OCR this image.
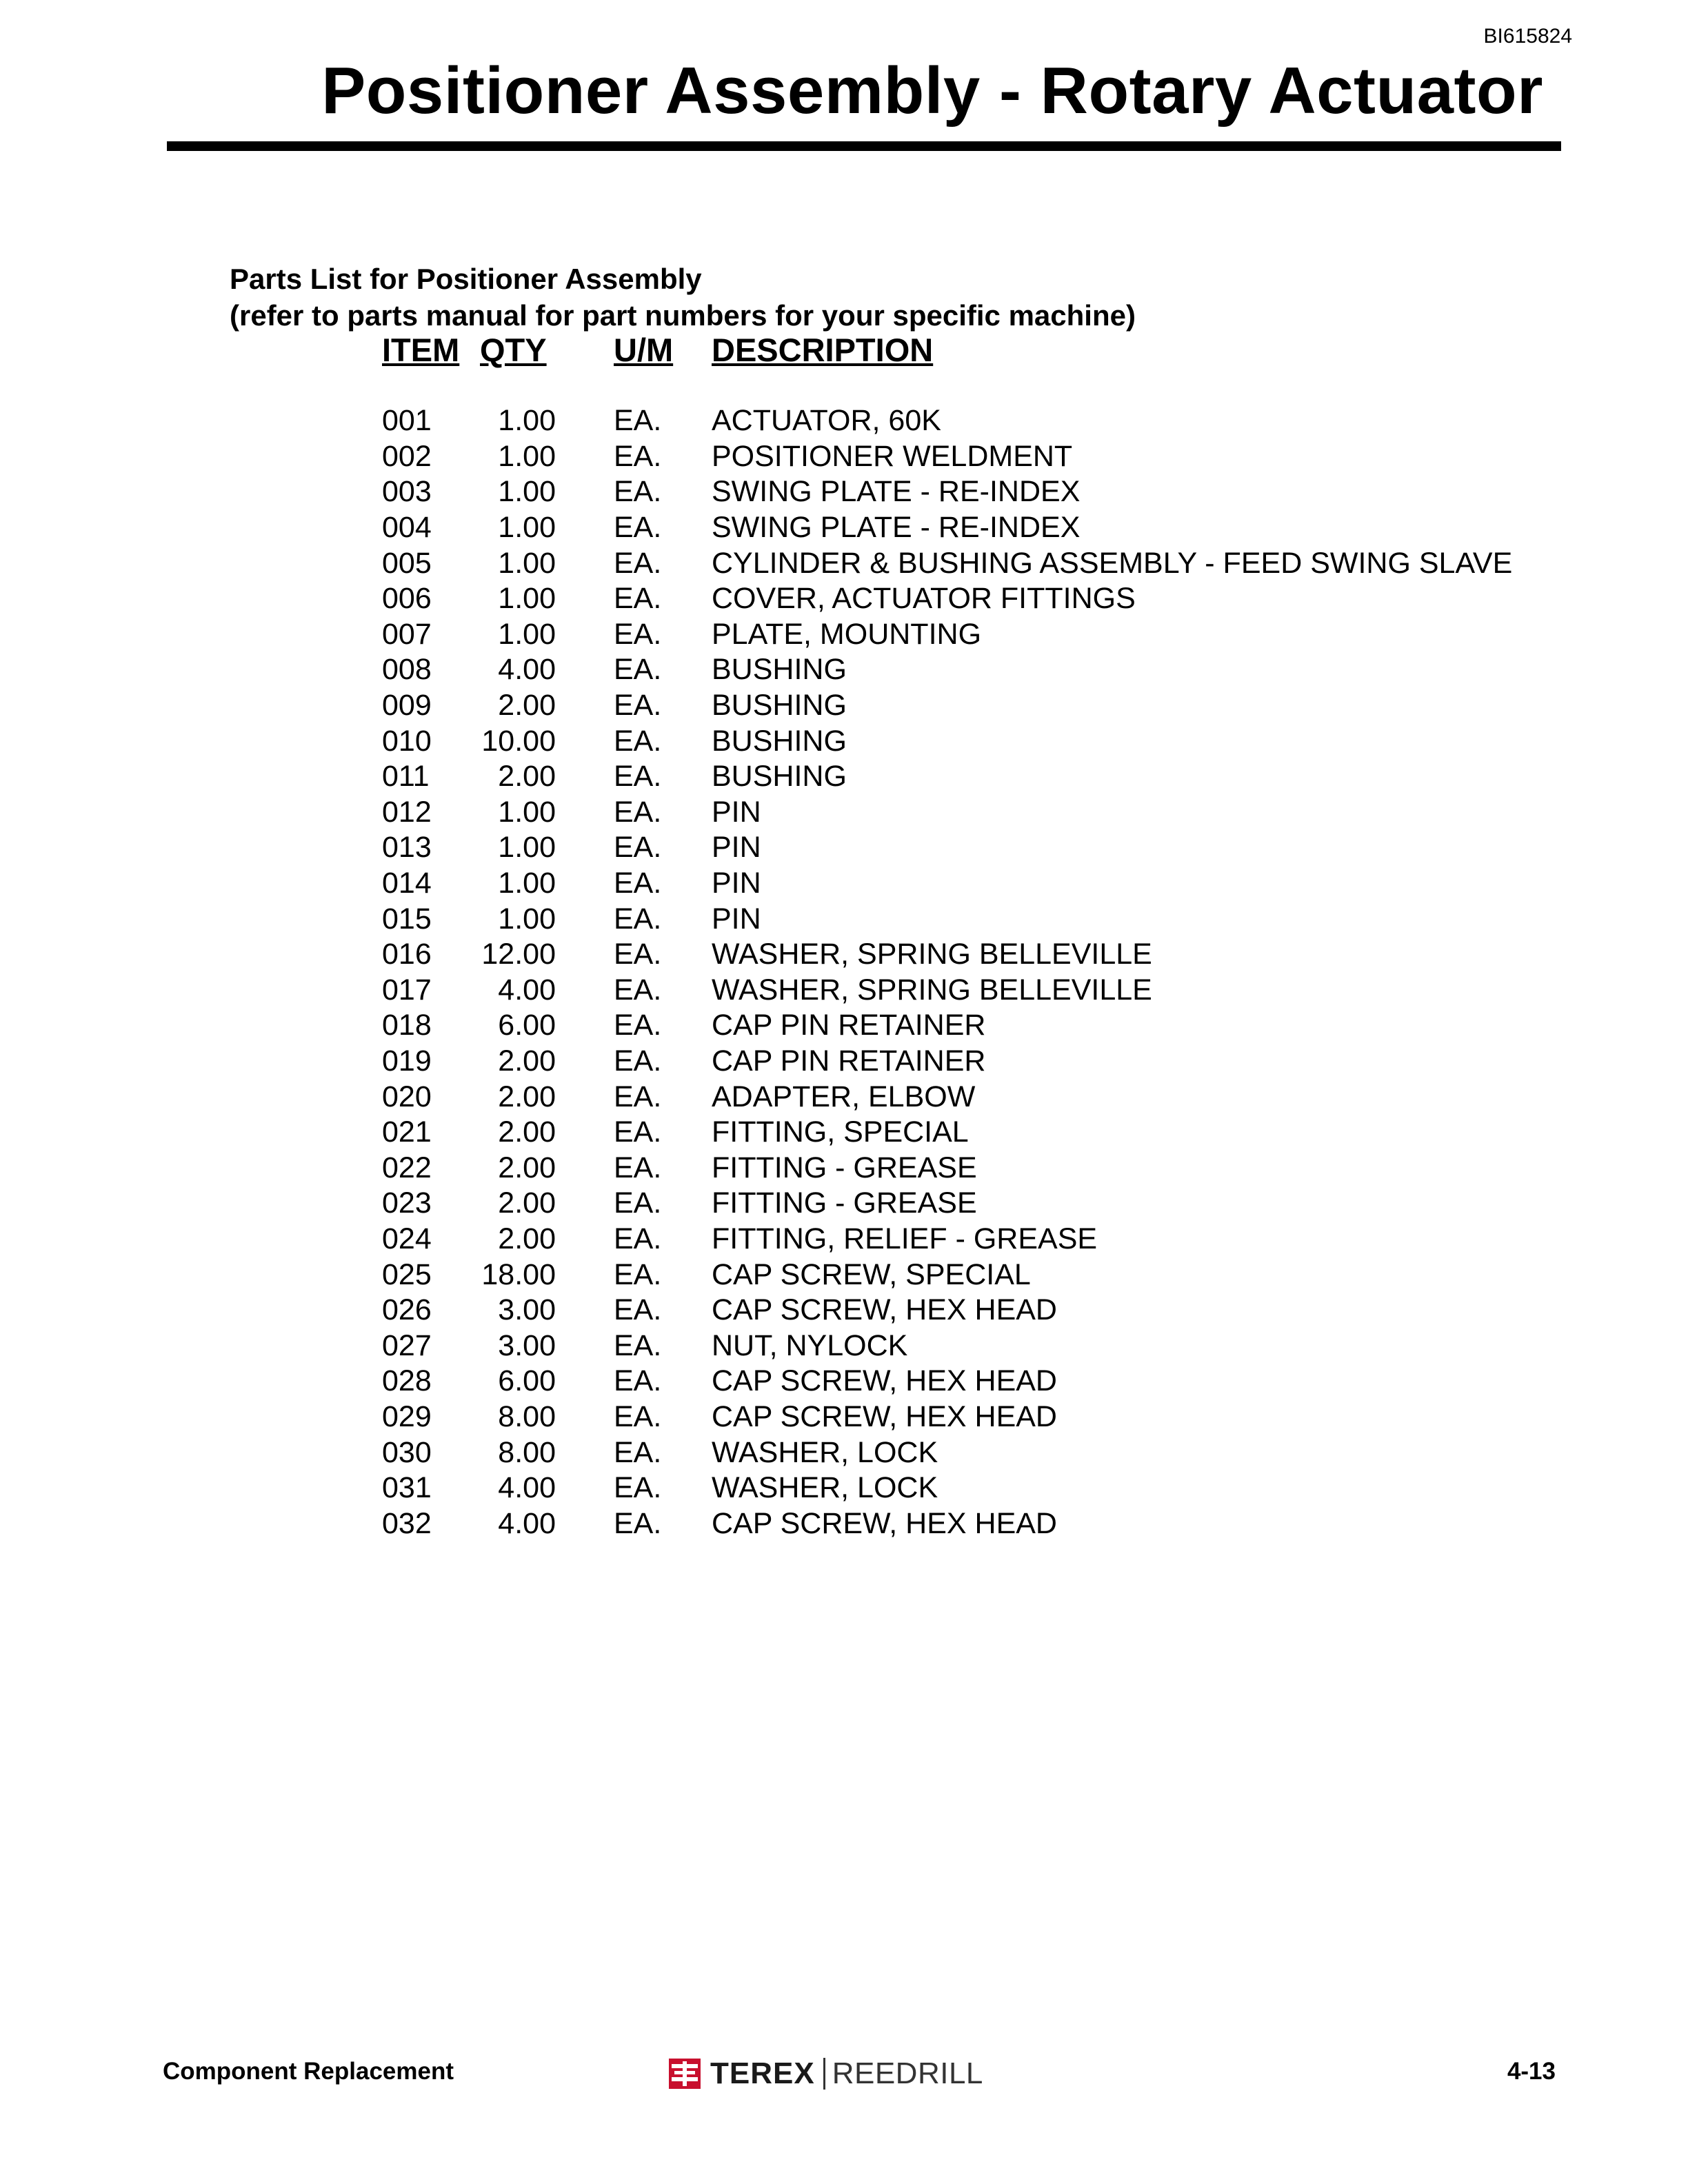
BI615824
Positioner Assembly - Rotary Actuator
Parts List for Positioner Assembly
(refer to parts manual for part numbers for your specific machine)
ITEM	QTY	U/M	DESCRIPTION

001	1.00	EA.	ACTUATOR, 60K
002	1.00	EA.	POSITIONER WELDMENT
003	1.00	EA.	SWING PLATE - RE-INDEX
004	1.00	EA.	SWING PLATE - RE-INDEX
005	1.00	EA.	CYLINDER & BUSHING ASSEMBLY - FEED SWING SLAVE
006	1.00	EA.	COVER, ACTUATOR FITTINGS
007	1.00	EA.	PLATE, MOUNTING
008	4.00	EA.	BUSHING
009	2.00	EA.	BUSHING
010	10.00	EA.	BUSHING
011	2.00	EA.	BUSHING
012	1.00	EA.	PIN
013	1.00	EA.	PIN
014	1.00	EA.	PIN
015	1.00	EA.	PIN
016	12.00	EA.	WASHER, SPRING BELLEVILLE
017	4.00	EA.	WASHER, SPRING BELLEVILLE
018	6.00	EA.	CAP PIN RETAINER
019	2.00	EA.	CAP PIN RETAINER
020	2.00	EA.	ADAPTER, ELBOW
021	2.00	EA.	FITTING, SPECIAL
022	2.00	EA.	FITTING - GREASE
023	2.00	EA.	FITTING - GREASE
024	2.00	EA.	FITTING, RELIEF - GREASE
025	18.00	EA.	CAP SCREW, SPECIAL
026	3.00	EA.	CAP SCREW, HEX HEAD
027	3.00	EA.	NUT, NYLOCK
028	6.00	EA.	CAP SCREW, HEX HEAD
029	8.00	EA.	CAP SCREW, HEX HEAD
030	8.00	EA.	WASHER, LOCK
031	4.00	EA.	WASHER, LOCK
032	4.00	EA.	CAP SCREW, HEX HEAD
Component Replacement	TEREX REEDRILL	4-13
